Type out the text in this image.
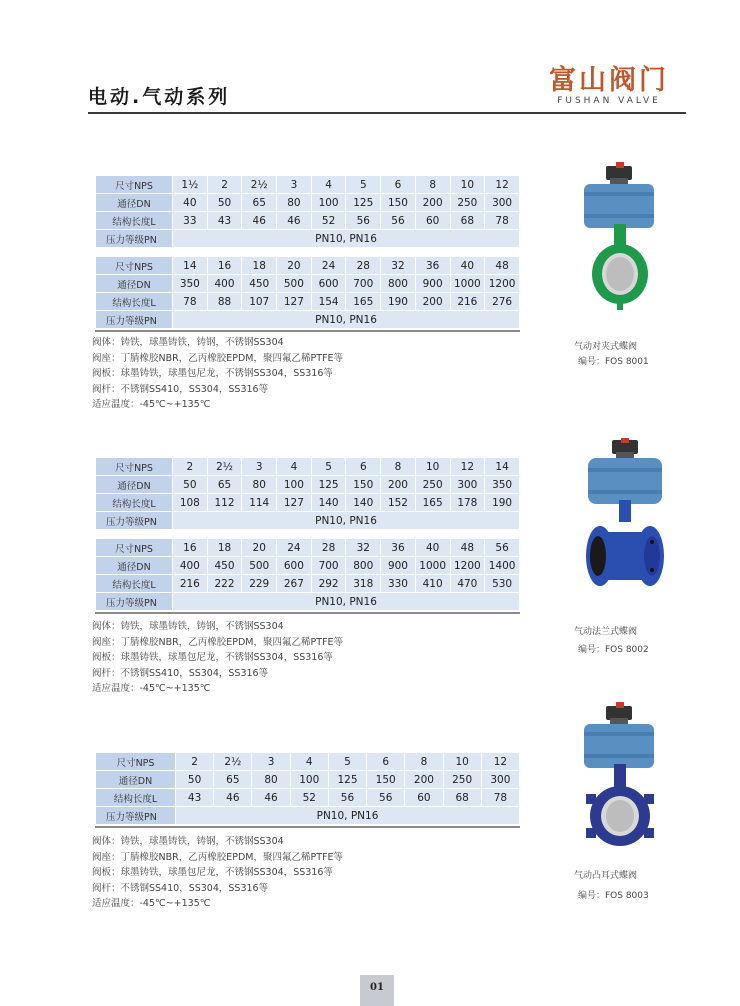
电动.气动系列
富山阀门
FUSHAN VALVE
尺寸NPS	1½	2	2½	3	4	5	6	8	10	12
通径DN	40	50	65	80	100	125	150	200	250	300
结构长度L	33	43	46	46	52	56	56	60	68	78
压力等级PN	PN10, PN16									
尺寸NPS	14	16	18	20	24	28	32	36	40	48
通径DN	350	400	450	500	600	700	800	900	1000	1200
结构长度L	78	88	107	127	154	165	190	200	216	276
压力等级PN	PN10, PN16									
阀体：铸铁，球墨铸铁，铸钢，不锈钢SS304
阀座：丁腈橡胶NBR，乙丙橡胶EPDM，聚四氟乙稀PTFE等
阀板：球墨铸铁，球墨包尼龙，不锈钢SS304，SS316等
阀杆：不锈钢SS410，SS304，SS316等
适应温度：-45℃~+135℃
气动对夹式蝶阀
编号：FOS 8001
尺寸NPS	2	2½	3	4	5	6	8	10	12	14
通径DN	50	65	80	100	125	150	200	250	300	350
结构长度L	108	112	114	127	140	140	152	165	178	190
压力等级PN	PN10, PN16									
尺寸NPS	16	18	20	24	28	32	36	40	48	56
通径DN	400	450	500	600	700	800	900	1000	1200	1400
结构长度L	216	222	229	267	292	318	330	410	470	530
压力等级PN	PN10, PN16									
阀体：铸铁，球墨铸铁，铸钢，不锈钢SS304
阀座：丁腈橡胶NBR，乙丙橡胶EPDM，聚四氟乙稀PTFE等
阀板：球墨铸铁，球墨包尼龙，不锈钢SS304，SS316等
阀杆：不锈钢SS410，SS304，SS316等
适应温度：-45℃~+135℃
气动法兰式蝶阀
编号：FOS 8002
尺寸NPS	2	2½	3	4	5	6	8	10	12
通径DN	50	65	80	100	125	150	200	250	300
结构长度L	43	46	46	52	56	56	60	68	78
压力等级PN	PN10, PN16								
阀体：铸铁，球墨铸铁，铸钢，不锈钢SS304
阀座：丁腈橡胶NBR，乙丙橡胶EPDM，聚四氟乙稀PTFE等
阀板：球墨铸铁，球墨包尼龙，不锈钢SS304，SS316等
阀杆：不锈钢SS410，SS304，SS316等
适应温度：-45℃~+135℃
气动凸耳式蝶阀
编号：FOS 8003
01
